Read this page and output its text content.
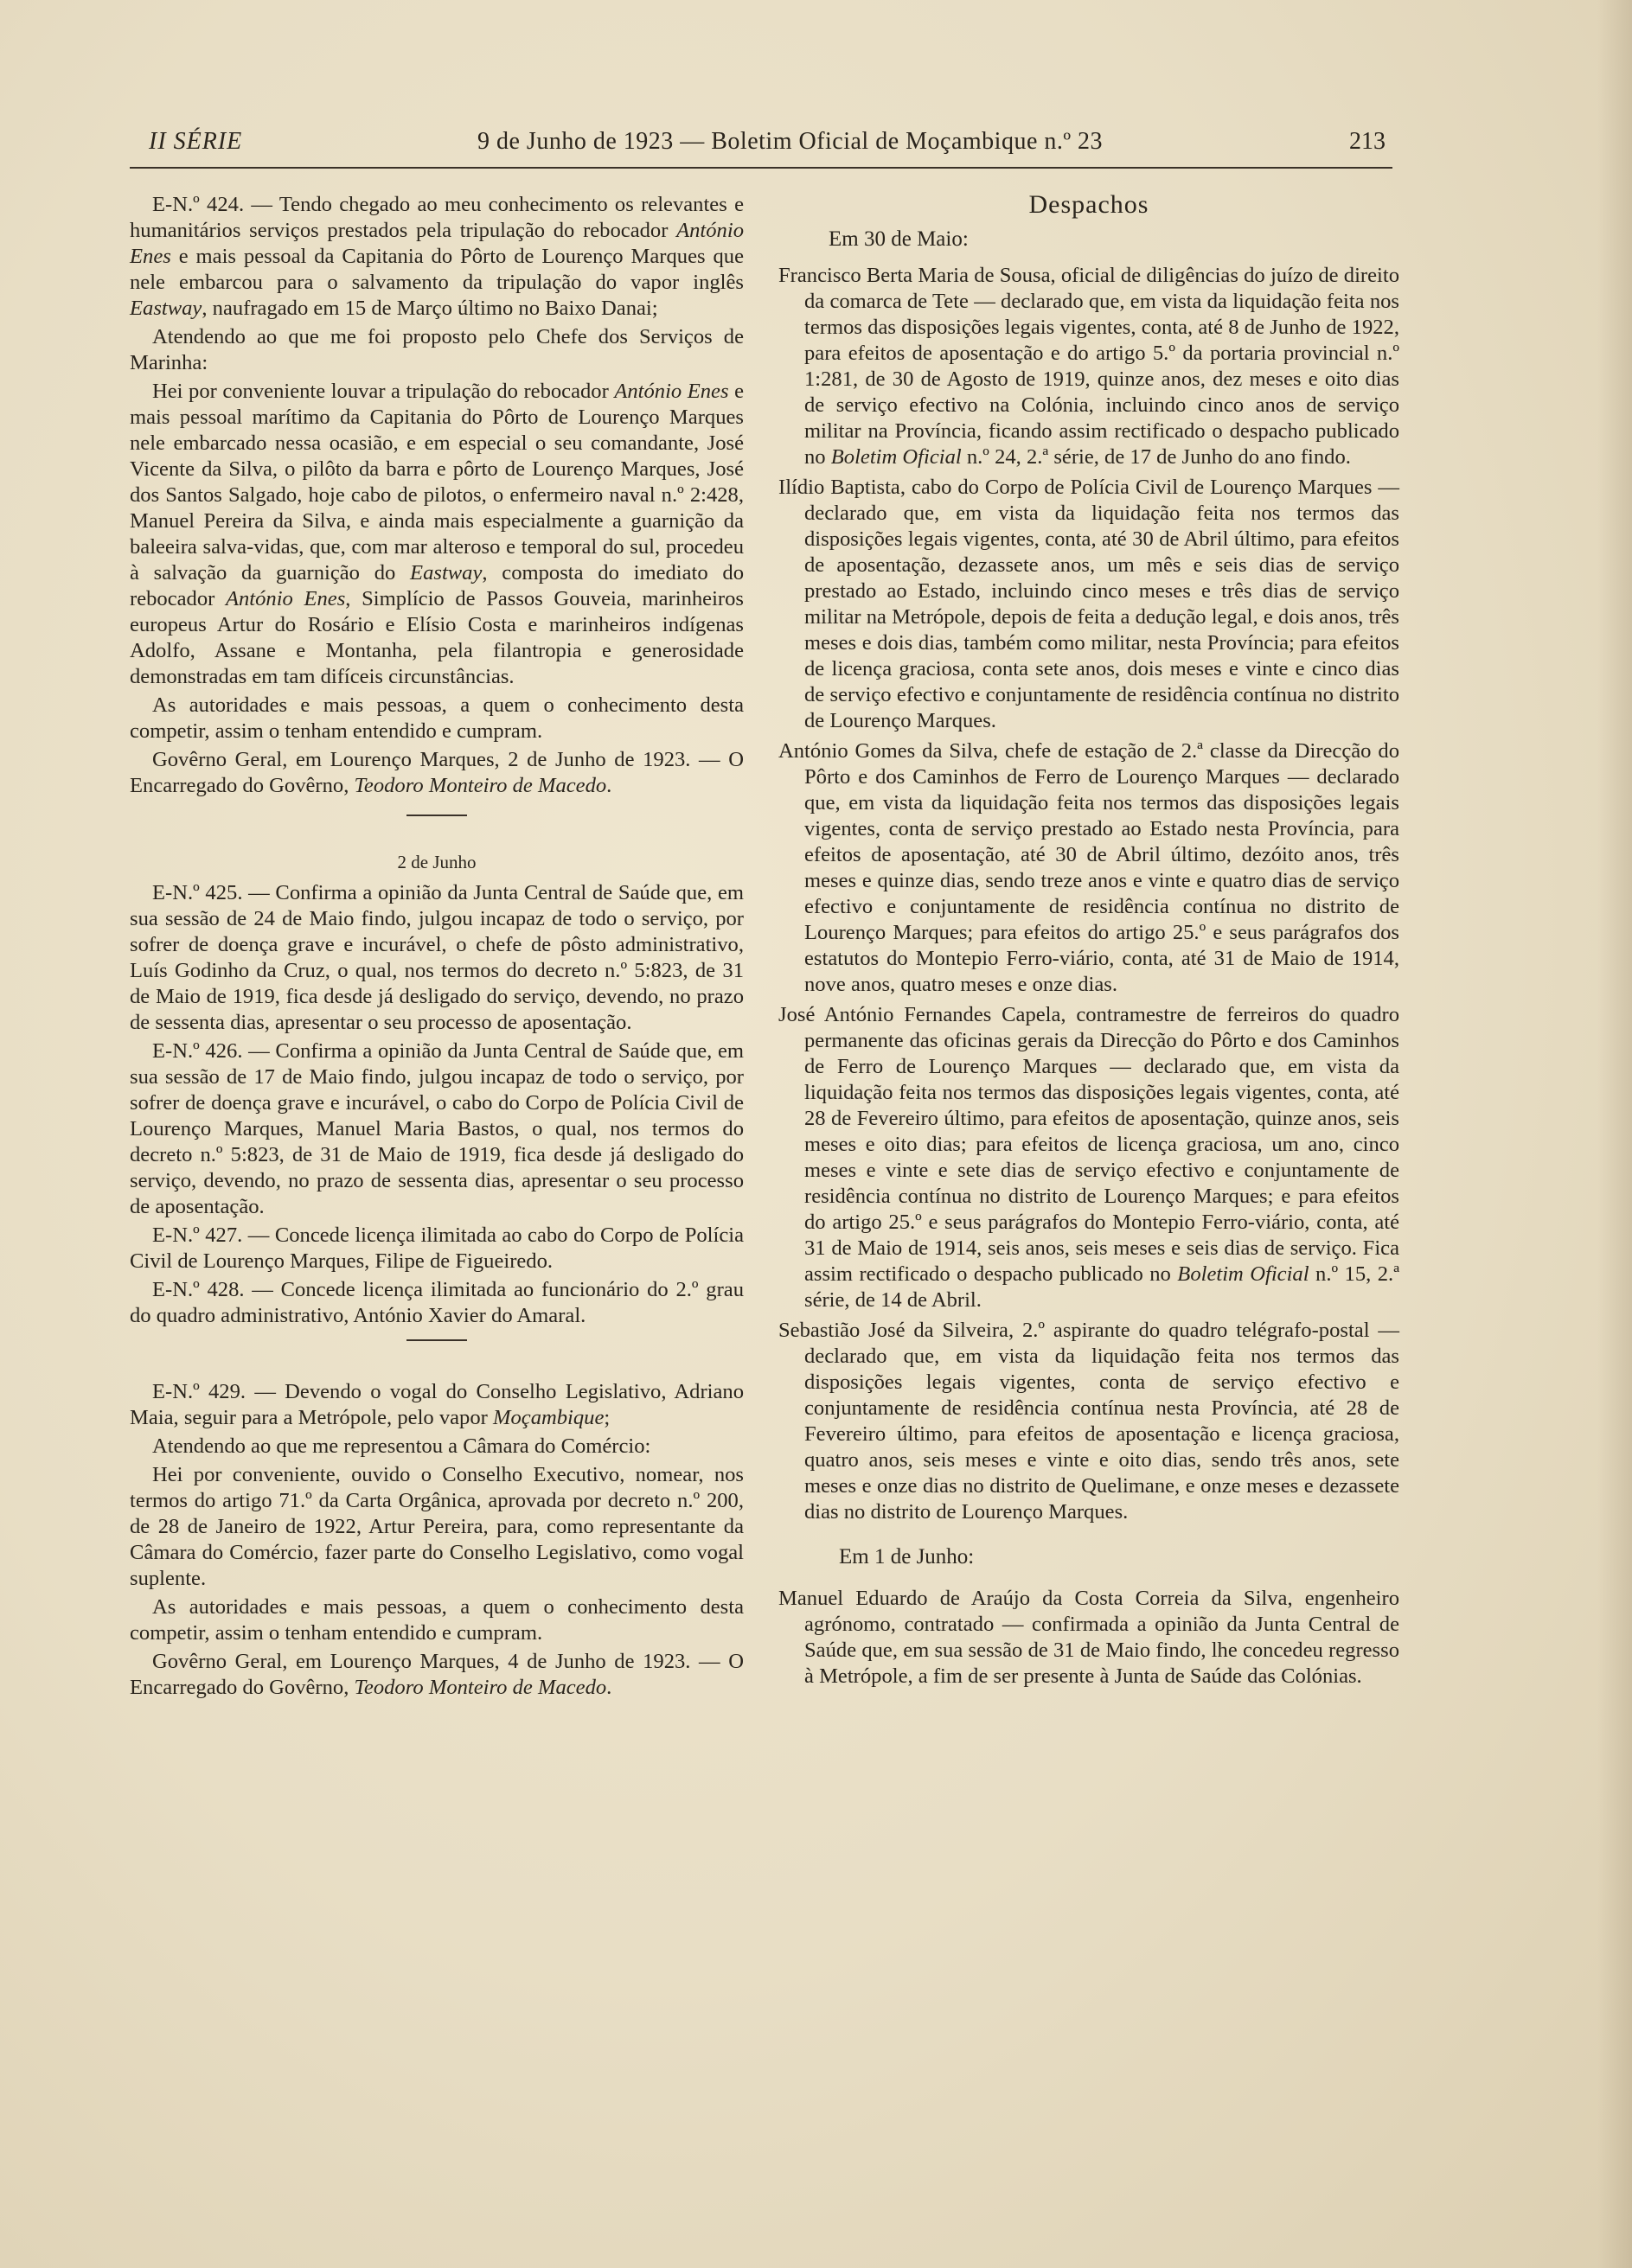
II SÉRIE	9 de Junho de 1923 — Boletim Oficial de Moçambique n.º 23	213

E-N.º 424. — Tendo chegado ao meu conhecimento os relevantes e humanitários serviços prestados pela tripulação do rebocador António Enes e mais pessoal da Capitania do Pôrto de Lourenço Marques que nele embarcou para o salvamento da tripulação do vapor inglês Eastway, naufragado em 15 de Março último no Baixo Danai;

Atendendo ao que me foi proposto pelo Chefe dos Serviços de Marinha:

Hei por conveniente louvar a tripulação do rebocador António Enes e mais pessoal marítimo da Capitania do Pôrto de Lourenço Marques nele embarcado nessa ocasião, e em especial o seu comandante, José Vicente da Silva, o pilôto da barra e pôrto de Lourenço Marques, José dos Santos Salgado, hoje cabo de pilotos, o enfermeiro naval n.º 2:428, Manuel Pereira da Silva, e ainda mais especialmente a guarnição da baleeira salva-vidas, que, com mar alteroso e temporal do sul, procedeu à salvação da guarnição do Eastway, composta do imediato do rebocador António Enes, Simplício de Passos Gouveia, marinheiros europeus Artur do Rosário e Elísio Costa e marinheiros indígenas Adolfo, Assane e Montanha, pela filantropia e generosidade demonstradas em tam difíceis circunstâncias.

As autoridades e mais pessoas, a quem o conhecimento desta competir, assim o tenham entendido e cumpram.

Govêrno Geral, em Lourenço Marques, 2 de Junho de 1923. — O Encarregado do Govêrno, Teodoro Monteiro de Macedo.

2 de Junho

E-N.º 425. — Confirma a opinião da Junta Central de Saúde que, em sua sessão de 24 de Maio findo, julgou incapaz de todo o serviço, por sofrer de doença grave e incurável, o chefe de pôsto administrativo, Luís Godinho da Cruz, o qual, nos termos do decreto n.º 5:823, de 31 de Maio de 1919, fica desde já desligado do serviço, devendo, no prazo de sessenta dias, apresentar o seu processo de aposentação.

E-N.º 426. — Confirma a opinião da Junta Central de Saúde que, em sua sessão de 17 de Maio findo, julgou incapaz de todo o serviço, por sofrer de doença grave e incurável, o cabo do Corpo de Polícia Civil de Lourenço Marques, Manuel Maria Bastos, o qual, nos termos do decreto n.º 5:823, de 31 de Maio de 1919, fica desde já desligado do serviço, devendo, no prazo de sessenta dias, apresentar o seu processo de aposentação.

E-N.º 427. — Concede licença ilimitada ao cabo do Corpo de Polícia Civil de Lourenço Marques, Filipe de Figueiredo.

E-N.º 428. — Concede licença ilimitada ao funcionário do 2.º grau do quadro administrativo, António Xavier do Amaral.

E-N.º 429. — Devendo o vogal do Conselho Legislativo, Adriano Maia, seguir para a Metrópole, pelo vapor Moçambique;

Atendendo ao que me representou a Câmara do Comércio:

Hei por conveniente, ouvido o Conselho Executivo, nomear, nos termos do artigo 71.º da Carta Orgânica, aprovada por decreto n.º 200, de 28 de Janeiro de 1922, Artur Pereira, para, como representante da Câmara do Comércio, fazer parte do Conselho Legislativo, como vogal suplente.

As autoridades e mais pessoas, a quem o conhecimento desta competir, assim o tenham entendido e cumpram.

Govêrno Geral, em Lourenço Marques, 4 de Junho de 1923. — O Encarregado do Govêrno, Teodoro Monteiro de Macedo.

Despachos

Em 30 de Maio:

Francisco Berta Maria de Sousa, oficial de diligências do juízo de direito da comarca de Tete — declarado que, em vista da liquidação feita nos termos das disposições legais vigentes, conta, até 8 de Junho de 1922, para efeitos de aposentação e do artigo 5.º da portaria provincial n.º 1:281, de 30 de Agosto de 1919, quinze anos, dez meses e oito dias de serviço efectivo na Colónia, incluindo cinco anos de serviço militar na Província, ficando assim rectificado o despacho publicado no Boletim Oficial n.º 24, 2.ª série, de 17 de Junho do ano findo.

Ilídio Baptista, cabo do Corpo de Polícia Civil de Lourenço Marques — declarado que, em vista da liquidação feita nos termos das disposições legais vigentes, conta, até 30 de Abril último, para efeitos de aposentação, dezassete anos, um mês e seis dias de serviço prestado ao Estado, incluindo cinco meses e três dias de serviço militar na Metrópole, depois de feita a dedução legal, e dois anos, três meses e dois dias, também como militar, nesta Província; para efeitos de licença graciosa, conta sete anos, dois meses e vinte e cinco dias de serviço efectivo e conjuntamente de residência contínua no distrito de Lourenço Marques.

António Gomes da Silva, chefe de estação de 2.ª classe da Direcção do Pôrto e dos Caminhos de Ferro de Lourenço Marques — declarado que, em vista da liquidação feita nos termos das disposições legais vigentes, conta de serviço prestado ao Estado nesta Província, para efeitos de aposentação, até 30 de Abril último, dezóito anos, três meses e quinze dias, sendo treze anos e vinte e quatro dias de serviço efectivo e conjuntamente de residência contínua no distrito de Lourenço Marques; para efeitos do artigo 25.º e seus parágrafos dos estatutos do Montepio Ferro-viário, conta, até 31 de Maio de 1914, nove anos, quatro meses e onze dias.

José António Fernandes Capela, contramestre de ferreiros do quadro permanente das oficinas gerais da Direcção do Pôrto e dos Caminhos de Ferro de Lourenço Marques — declarado que, em vista da liquidação feita nos termos das disposições legais vigentes, conta, até 28 de Fevereiro último, para efeitos de aposentação, quinze anos, seis meses e oito dias; para efeitos de licença graciosa, um ano, cinco meses e vinte e sete dias de serviço efectivo e conjuntamente de residência contínua no distrito de Lourenço Marques; e para efeitos do artigo 25.º e seus parágrafos do Montepio Ferro-viário, conta, até 31 de Maio de 1914, seis anos, seis meses e seis dias de serviço. Fica assim rectificado o despacho publicado no Boletim Oficial n.º 15, 2.ª série, de 14 de Abril.

Sebastião José da Silveira, 2.º aspirante do quadro telégrafo-postal — declarado que, em vista da liquidação feita nos termos das disposições legais vigentes, conta de serviço efectivo e conjuntamente de residência contínua nesta Província, até 28 de Fevereiro último, para efeitos de aposentação e licença graciosa, quatro anos, seis meses e vinte e oito dias, sendo três anos, sete meses e onze dias no distrito de Quelimane, e onze meses e dezassete dias no distrito de Lourenço Marques.

Em 1 de Junho:

Manuel Eduardo de Araújo da Costa Correia da Silva, engenheiro agrónomo, contratado — confirmada a opinião da Junta Central de Saúde que, em sua sessão de 31 de Maio findo, lhe concedeu regresso à Metrópole, a fim de ser presente à Junta de Saúde das Colónias.
